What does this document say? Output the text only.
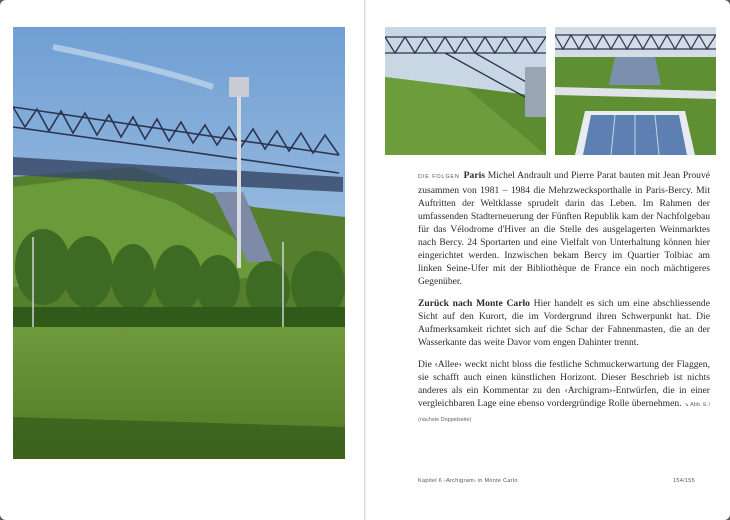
DIE FOLGEN Paris Michel Andrault und Pierre Parat bauten mit Jean Prouvé zusammen von 1981 – 1984 die Mehrzwecksporthalle in Paris-Bercy. Mit Auftritten der Weltklasse sprudelt darin das Leben. Im Rahmen der umfassenden Stadterneuerung der Fünften Republik kam der Nachfolgebau für das Vélodrome d'Hiver an die Stelle des ausgelagerten Weinmarktes nach Bercy. 24 Sportarten und eine Vielfalt von Unterhaltung können hier eingerichtet werden. Inzwischen bekam Bercy im Quartier Tolbiac am linken Seine-Ufer mit der Bibliothèque de France ein noch mächtigeres Gegenüber.

Zurück nach Monte Carlo Hier handelt es sich um eine abschliessende Sicht auf den Kurort, die im Vordergrund ihren Schwerpunkt hat. Die Aufmerksamkeit richtet sich auf die Schar der Fahnenmasten, die an der Wasserkante das weite Davor vom engen Dahinter trennt.

Die ‹Allee› weckt nicht bloss die festliche Schmuckerwartung der Flaggen, sie schafft auch einen künstlichen Horizont. Dieser Beschrieb ist nichts anderes als ein Kommentar zu den ‹Archigram›-Entwürfen, die in einer vergleichbaren Lage eine ebenso vordergründige Rolle übernehmen. ↘ Abb. E / (nächste Doppelseite)

Kapitel 6 ‹Archigram› in Monte Carlo	154/155
